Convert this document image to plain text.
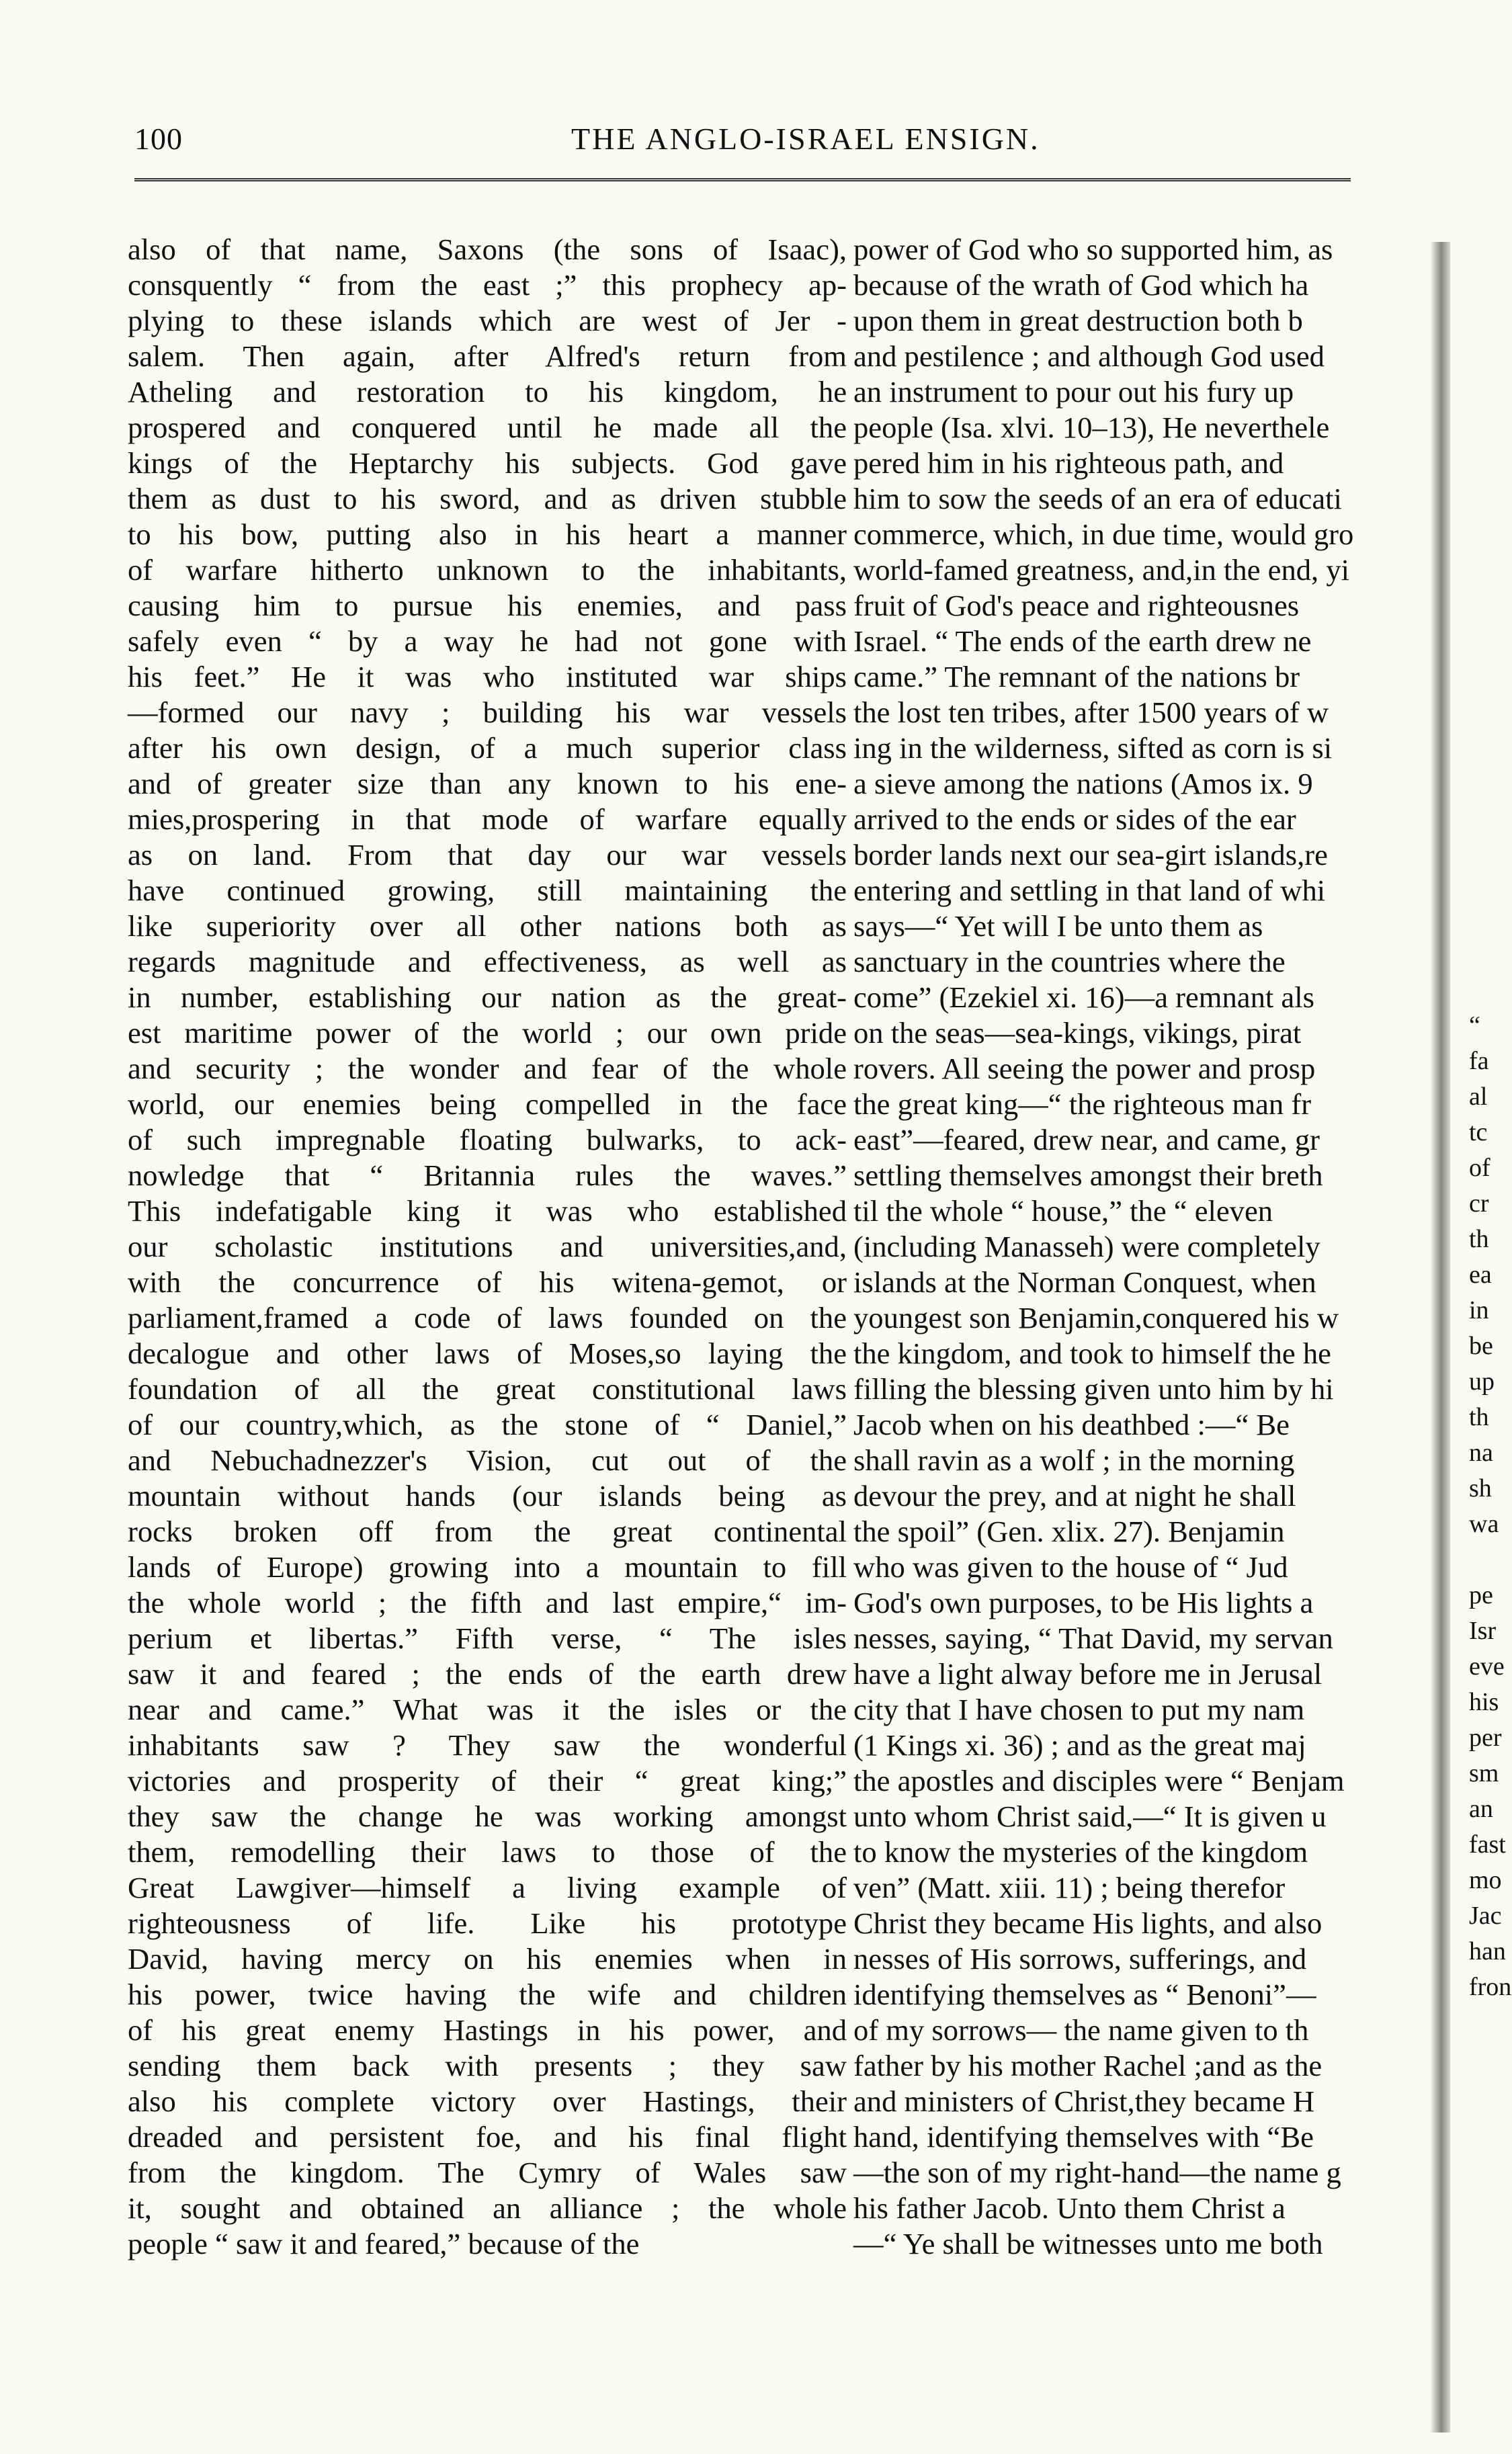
100	THE ANGLO-ISRAEL ENSIGN.
also of that name, Saxons (the sons of Isaac),
consquently “ from the east ;” this prophecy ap-
plying to these islands which are west of Jer -
salem. Then again, after Alfred's return from
Atheling and restoration to his kingdom, he
prospered and conquered until he made all the
kings of the Heptarchy his subjects. God gave
them as dust to his sword, and as driven stubble
to his bow, putting also in his heart a manner
of warfare hitherto unknown to the inhabitants,
causing him to pursue his enemies, and pass
safely even “ by a way he had not gone with
his feet.” He it was who instituted war ships
—formed our navy ; building his war vessels
after his own design, of a much superior class
and of greater size than any known to his ene-
mies,prospering in that mode of warfare equally
as on land. From that day our war vessels
have continued growing, still maintaining the
like superiority over all other nations both as
regards magnitude and effectiveness, as well as
in number, establishing our nation as the great-
est maritime power of the world ; our own pride
and security ; the wonder and fear of the whole
world, our enemies being compelled in the face
of such impregnable floating bulwarks, to ack-
nowledge that “ Britannia rules the waves.”
This indefatigable king it was who established
our scholastic institutions and universities,and,
with the concurrence of his witena-gemot, or
parliament,framed a code of laws founded on the
decalogue and other laws of Moses,so laying the
foundation of all the great constitutional laws
of our country,which, as the stone of “ Daniel,”
and Nebuchadnezzer's Vision, cut out of the
mountain without hands (our islands being as
rocks broken off from the great continental
lands of Europe) growing into a mountain to fill
the whole world ; the fifth and last empire,“ im-
perium et libertas.” Fifth verse, “ The isles
saw it and feared ; the ends of the earth drew
near and came.” What was it the isles or the
inhabitants saw ? They saw the wonderful
victories and prosperity of their “ great king;”
they saw the change he was working amongst
them, remodelling their laws to those of the
Great Lawgiver—himself a living example of
righteousness of life. Like his prototype
David, having mercy on his enemies when in
his power, twice having the wife and children
of his great enemy Hastings in his power, and
sending them back with presents ; they saw
also his complete victory over Hastings, their
dreaded and persistent foe, and his final flight
from the kingdom. The Cymry of Wales saw
it, sought and obtained an alliance ; the whole
people “ saw it and feared,” because of the
power of God who so supported him, as
because of the wrath of God which ha
upon them in great destruction both b
and pestilence ; and although God used
an instrument to pour out his fury up
people (Isa. xlvi. 10–13), He neverthele
pered him in his righteous path, and
him to sow the seeds of an era of educati
commerce, which, in due time, would gro
world-famed greatness, and,in the end, yi
fruit of God's peace and righteousnes
Israel. “ The ends of the earth drew ne
came.” The remnant of the nations br
the lost ten tribes, after 1500 years of w
ing in the wilderness, sifted as corn is si
a sieve among the nations (Amos ix. 9
arrived to the ends or sides of the ear
border lands next our sea-girt islands,re
entering and settling in that land of whi
says—“ Yet will I be unto them as
sanctuary in the countries where the
come” (Ezekiel xi. 16)—a remnant als
on the seas—sea-kings, vikings, pirat
rovers. All seeing the power and prosp
the great king—“ the righteous man fr
east”—feared, drew near, and came, gr
settling themselves amongst their breth
til the whole “ house,” the “ eleven
(including Manasseh) were completely
islands at the Norman Conquest, when
youngest son Benjamin,conquered his w
the kingdom, and took to himself the he
filling the blessing given unto him by hi
Jacob when on his deathbed :—“ Be
shall ravin as a wolf ; in the morning
devour the prey, and at night he shall
the spoil” (Gen. xlix. 27). Benjamin
who was given to the house of “ Jud
God's own purposes, to be His lights a
nesses, saying, “ That David, my servan
have a light alway before me in Jerusal
city that I have chosen to put my nam
(1 Kings xi. 36) ; and as the great maj
the apostles and disciples were “ Benjam
unto whom Christ said,—“ It is given u
to know the mysteries of the kingdom
ven” (Matt. xiii. 11) ; being therefor
Christ they became His lights, and also
nesses of His sorrows, sufferings, and
identifying themselves as “ Benoni”—
of my sorrows— the name given to th
father by his mother Rachel ;and as the
and ministers of Christ,they became H
hand, identifying themselves with “Be
—the son of my right-hand—the name g
his father Jacob. Unto them Christ a
—“ Ye shall be witnesses unto me both
“
fa
al
tc
of
cr
th
ea
in
be
up
th
na
sh
wa
pe
Isr
eve
his
per
sm
an
fast
mo
Jac
han
fron
